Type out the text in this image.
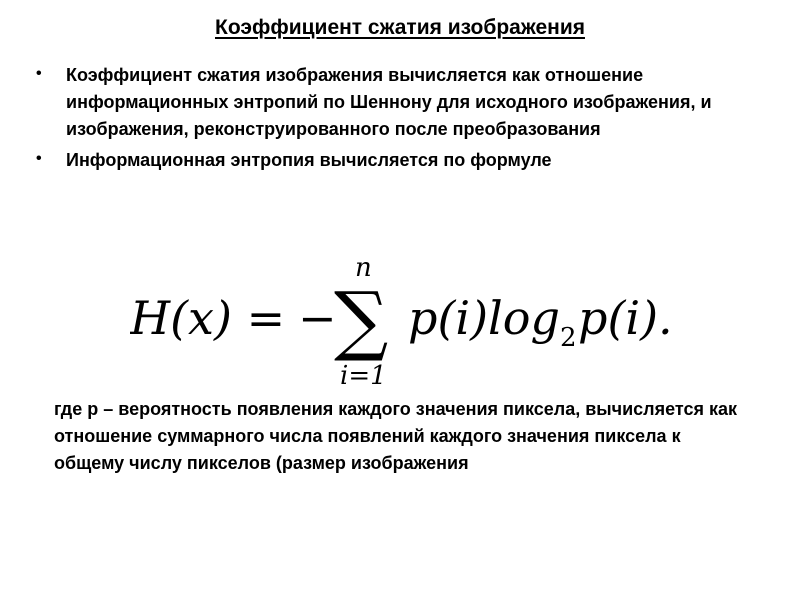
Коэффициент сжатия изображения
• Коэффициент сжатия изображения вычисляется как отношение информационных энтропий по Шеннону для исходного изображения, и изображения, реконструированного после преобразования
• Информационная энтропия вычисляется по формуле
H(x) = −
n
∑
i=1
p(i)log 2 p(i).
где p – вероятность появления каждого значения пиксела, вычисляется как отношение суммарного числа появлений каждого значения пиксела к общему числу пикселов (размер изображения
